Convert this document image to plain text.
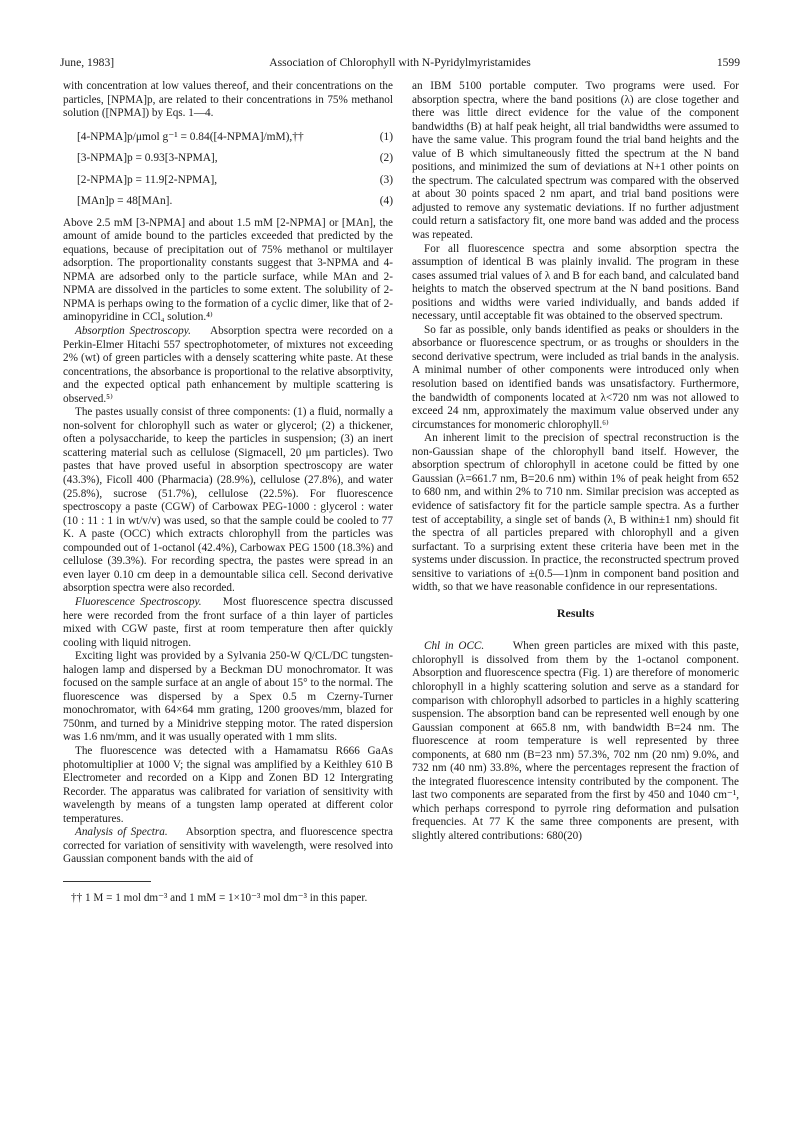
June, 1983]	Association of Chlorophyll with N-Pyridylmyristamides	1599

with concentration at low values thereof, and their concentrations on the particles, [NPMA]p, are related to their concentrations in 75% methanol solution ([NPMA]) by Eqs. 1—4.

[4-NPMA]p/μmol g⁻¹ = 0.84([4-NPMA]/mM),††	(1)
[3-NPMA]p = 0.93[3-NPMA],	(2)
[2-NPMA]p = 11.9[2-NPMA],	(3)
[MAn]p = 48[MAn].	(4)

Above 2.5 mM [3-NPMA] and about 1.5 mM [2-NPMA] or [MAn], the amount of amide bound to the particles exceeded that predicted by the equations, because of precipitation out of 75% methanol or multilayer adsorption. The proportionality constants suggest that 3-NPMA and 4-NPMA are adsorbed only to the particle surface, while MAn and 2-NPMA are dissolved in the particles to some extent. The solubility of 2-NPMA is perhaps owing to the formation of a cyclic dimer, like that of 2-aminopyridine in CCl₄ solution.⁴⁾

Absorption Spectroscopy. Absorption spectra were recorded on a Perkin-Elmer Hitachi 557 spectrophotometer, of mixtures not exceeding 2% (wt) of green particles with a densely scattering white paste. At these concentrations, the absorbance is proportional to the relative absorptivity, and the expected optical path enhancement by multiple scattering is observed.⁵⁾

The pastes usually consist of three components: (1) a fluid, normally a non-solvent for chlorophyll such as water or glycerol; (2) a thickener, often a polysaccharide, to keep the particles in suspension; (3) an inert scattering material such as cellulose (Sigmacell, 20 μm particles). Two pastes that have proved useful in absorption spectroscopy are water (43.3%), Ficoll 400 (Pharmacia) (28.9%), cellulose (27.8%), and water (25.8%), sucrose (51.7%), cellulose (22.5%). For fluorescence spectroscopy a paste (CGW) of Carbowax PEG-1000 : glycerol : water (10 : 11 : 1 in wt/v/v) was used, so that the sample could be cooled to 77 K. A paste (OCC) which extracts chlorophyll from the particles was compounded out of 1-octanol (42.4%), Carbowax PEG 1500 (18.3%) and cellulose (39.3%). For recording spectra, the pastes were spread in an even layer 0.10 cm deep in a demountable silica cell. Second derivative absorption spectra were also recorded.

Fluorescence Spectroscopy. Most fluorescence spectra discussed here were recorded from the front surface of a thin layer of particles mixed with CGW paste, first at room temperature then after quickly cooling with liquid nitrogen.

Exciting light was provided by a Sylvania 250-W Q/CL/DC tungsten-halogen lamp and dispersed by a Beckman DU monochromator. It was focused on the sample surface at an angle of about 15° to the normal. The fluorescence was dispersed by a Spex 0.5 m Czerny-Turner monochromator, with 64×64 mm grating, 1200 grooves/mm, blazed for 750nm, and turned by a Minidrive stepping motor. The rated dispersion was 1.6 nm/mm, and it was usually operated with 1 mm slits.

The fluorescence was detected with a Hamamatsu R666 GaAs photomultiplier at 1000 V; the signal was amplified by a Keithley 610 B Electrometer and recorded on a Kipp and Zonen BD 12 Intergrating Recorder. The apparatus was calibrated for variation of sensitivity with wavelength by means of a tungsten lamp operated at different color temperatures.

Analysis of Spectra. Absorption spectra, and fluorescence spectra corrected for variation of sensitivity with wavelength, were resolved into Gaussian component bands with the aid of

†† 1 M = 1 mol dm⁻³ and 1 mM = 1×10⁻³ mol dm⁻³ in this paper.

an IBM 5100 portable computer. Two programs were used. For absorption spectra, where the band positions (λ) are close together and there was little direct evidence for the value of the component bandwidths (B) at half peak height, all trial bandwidths were assumed to have the same value. This program found the trial band heights and the value of B which simultaneously fitted the spectrum at the N band positions, and minimized the sum of deviations at N+1 other points on the spectrum. The calculated spectrum was compared with the observed at about 30 points spaced 2 nm apart, and trial band positions were adjusted to remove any systematic deviations. If no further adjustment could return a satisfactory fit, one more band was added and the process was repeated.

For all fluorescence spectra and some absorption spectra the assumption of identical B was plainly invalid. The program in these cases assumed trial values of λ and B for each band, and calculated band heights to match the observed spectrum at the N band positions. Band positions and widths were varied individually, and bands added if necessary, until acceptable fit was obtained to the observed spectrum.

So far as possible, only bands identified as peaks or shoulders in the absorbance or fluorescence spectrum, or as troughs or shoulders in the second derivative spectrum, were included as trial bands in the analysis. A minimal number of other components were introduced only when resolution based on identified bands was unsatisfactory. Furthermore, the bandwidth of components located at λ<720 nm was not allowed to exceed 24 nm, approximately the maximum value observed under any circumstances for monomeric chlorophyll.⁶⁾

An inherent limit to the precision of spectral reconstruction is the non-Gaussian shape of the chlorophyll band itself. However, the absorption spectrum of chlorophyll in acetone could be fitted by one Gaussian (λ=661.7 nm, B=20.6 nm) within 1% of peak height from 652 to 680 nm, and within 2% to 710 nm. Similar precision was accepted as evidence of satisfactory fit for the particle sample spectra. As a further test of acceptability, a single set of bands (λ, B within±1 nm) should fit the spectra of all particles prepared with chlorophyll and a given surfactant. To a surprising extent these criteria have been met in the systems under discussion. In practice, the reconstructed spectrum proved sensitive to variations of ±(0.5—1)nm in component band position and width, so that we have reasonable confidence in our representations.

Results

Chl in OCC.	When green particles are mixed with this paste, chlorophyll is dissolved from them by the 1-octanol component. Absorption and fluorescence spectra (Fig. 1) are therefore of monomeric chlorophyll in a highly scattering solution and serve as a standard for comparison with chlorophyll adsorbed to particles in a highly scattering suspension. The absorption band can be represented well enough by one Gaussian component at 665.8 nm, with bandwidth B=24 nm. The fluorescence at room temperature is well represented by three components, at 680 nm (B=23 nm) 57.3%, 702 nm (20 nm) 9.0%, and 732 nm (40 nm) 33.8%, where the percentages represent the fraction of the integrated fluorescence intensity contributed by the component. The last two components are separated from the first by 450 and 1040 cm⁻¹, which perhaps correspond to pyrrole ring deformation and pulsation frequencies. At 77 K the same three components are present, with slightly altered contributions: 680(20)
